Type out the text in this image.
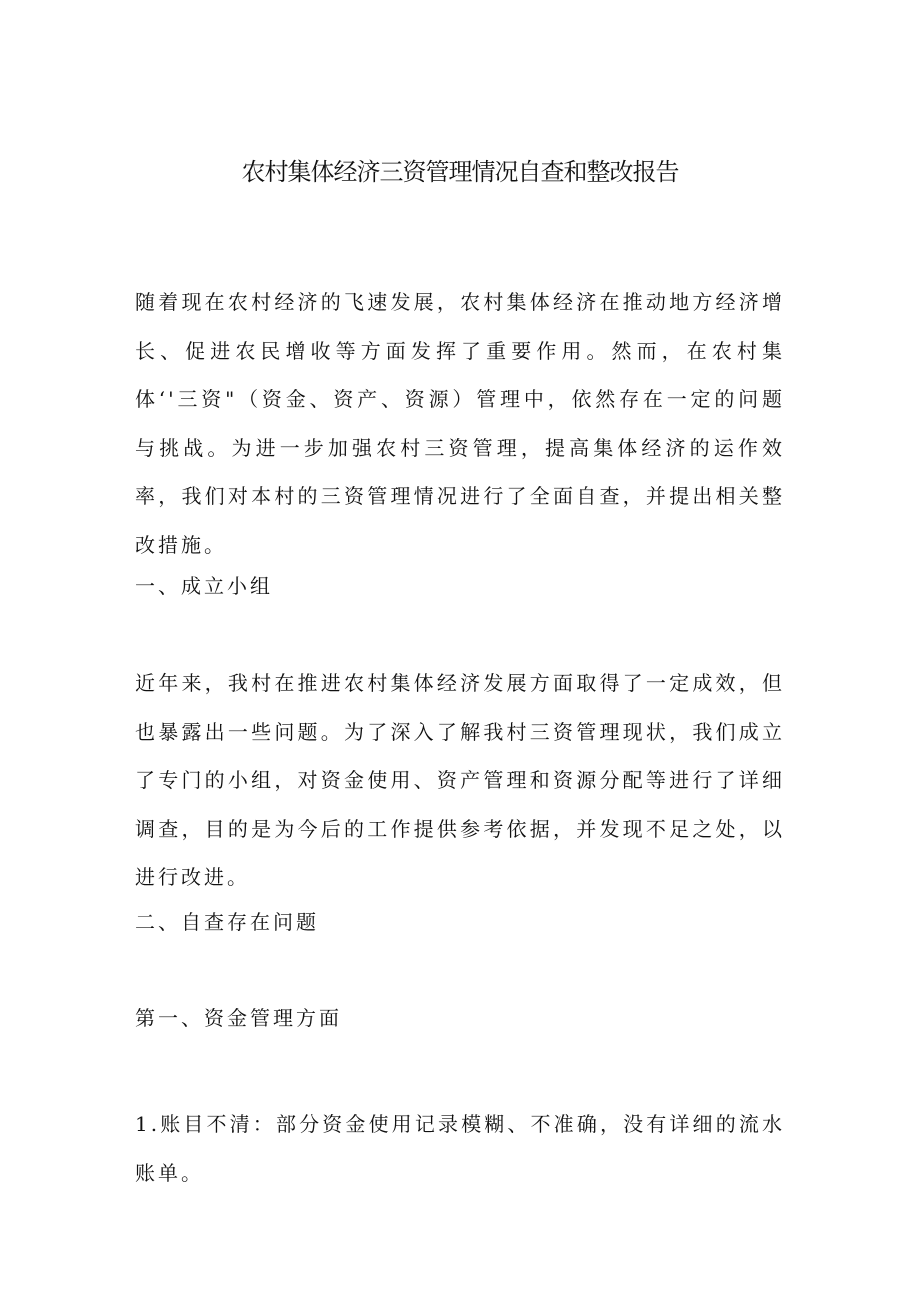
农村集体经济三资管理情况自查和整改报告

随着现在农村经济的飞速发展，农村集体经济在推动地方经济增长、促进农民增收等方面发挥了重要作用。然而，在农村集体‘'三资"（资金、资产、资源）管理中，依然存在一定的问题与挑战。为进一步加强农村三资管理，提高集体经济的运作效率，我们对本村的三资管理情况进行了全面自查，并提出相关整改措施。

一、成立小组

近年来，我村在推进农村集体经济发展方面取得了一定成效，但也暴露出一些问题。为了深入了解我村三资管理现状，我们成立了专门的小组，对资金使用、资产管理和资源分配等进行了详细调查，目的是为今后的工作提供参考依据，并发现不足之处，以进行改进。

二、自查存在问题
第一、资金管理方面

1.账目不清：部分资金使用记录模糊、不准确，没有详细的流水账单。
